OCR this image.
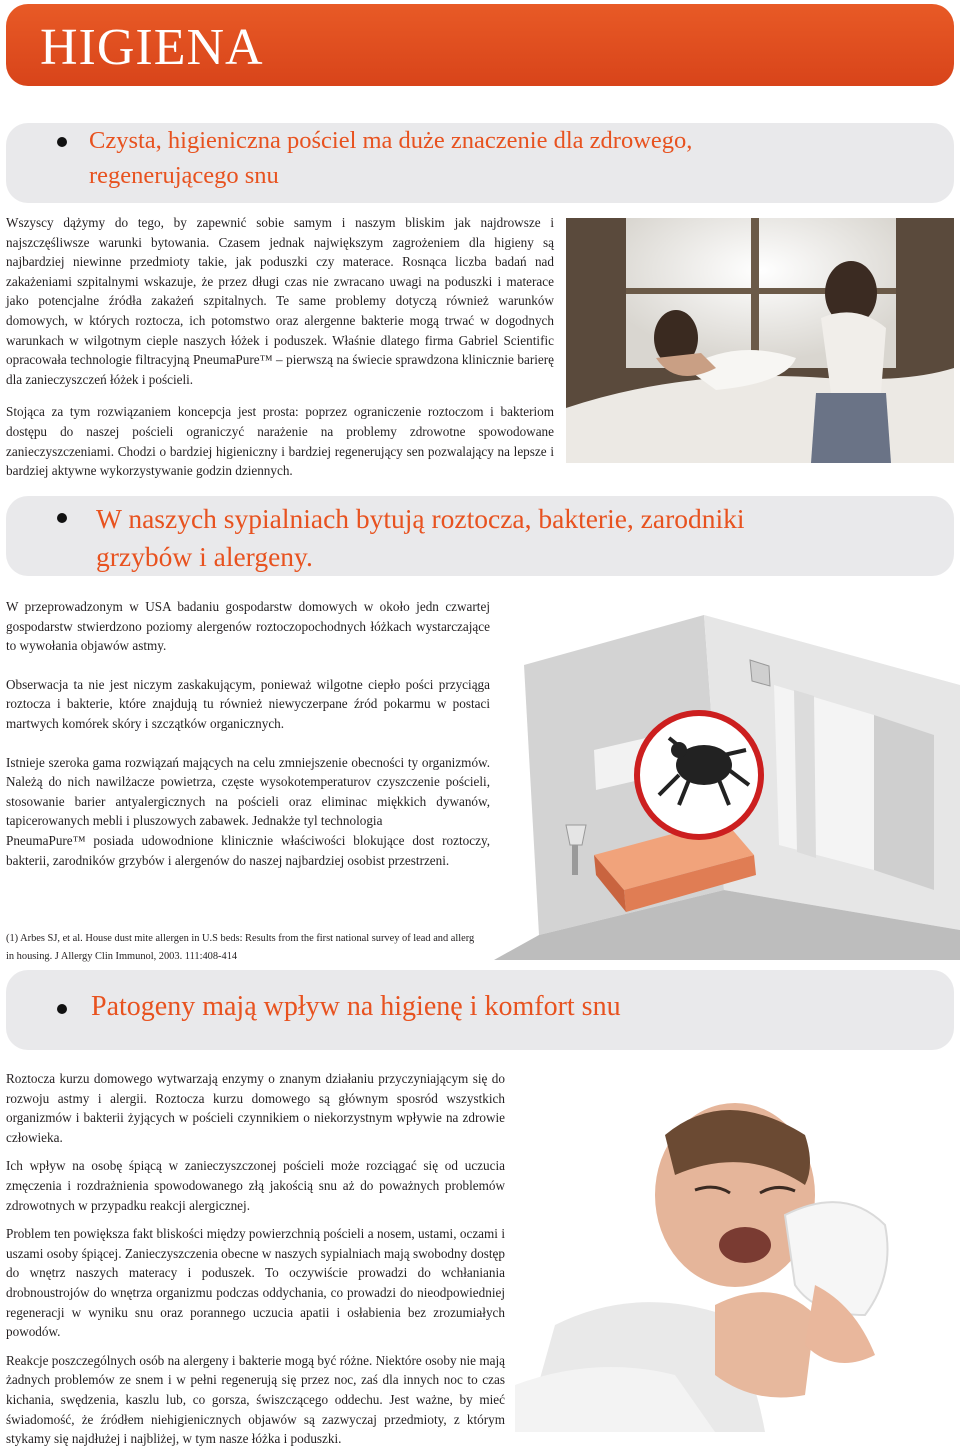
HIGIENA
Czysta, higieniczna pościel ma duże znaczenie dla zdrowego,
regenerującego snu

Wszyscy dążymy do tego, by zapewnić sobie samym i naszym bliskim jak najdrowsze i najszczęśliwsze warunki bytowania. Czasem jednak największym zagrożeniem dla higieny są najbardziej niewinne przedmioty takie, jak poduszki czy materace. Rosnąca liczba badań nad zakażeniami szpitalnymi wskazuje, że przez długi czas nie zwracano uwagi na poduszki i materace jako potencjalne źródła zakażeń szpitalnych. Te same problemy dotyczą również warunków domowych, w których roztocza, ich potomstwo oraz alergenne bakterie mogą trwać w dogodnych warunkach w wilgotnym cieple naszych łóżek i poduszek. Właśnie dlatego firma Gabriel Scientific opracowała technologie filtracyjną PneumaPure™ – pierwszą na świecie sprawdzona klinicznie barierę dla zanieczyszczeń łóżek i pościeli.

Stojąca za tym rozwiązaniem koncepcja jest prosta: poprzez ograniczenie roztoczom i bakteriom dostępu do naszej pościeli ograniczyć narażenie na problemy zdrowotne spowodowane zanieczyszczeniami. Chodzi o bardziej higieniczny i bardziej regenerujący sen pozwalający na lepsze i bardziej aktywne wykorzystywanie godzin dziennych.

W naszych sypialniach bytują roztocza, bakterie, zarodniki
grzybów i alergeny.

W przeprowadzonym w USA badaniu gospodarstw domowych w około jedn czwartej gospodarstw stwierdzono poziomy alergenów roztoczopochodnych łóżkach wystarczające to wywołania objawów astmy.

Obserwacja ta nie jest niczym zaskakującym, ponieważ wilgotne ciepło pości przyciąga roztocza i bakterie, które znajdują tu również niewyczerpane źród pokarmu w postaci martwych komórek skóry i szczątków organicznych.

Istnieje szeroka gama rozwiązań mających na celu zmniejszenie obecności ty organizmów. Należą do nich nawilżacze powietrza, częste wysokotemperaturov czyszczenie pościeli, stosowanie barier antyalergicznych na pościeli oraz eliminac miękkich dywanów, tapicerowanych mebli i pluszowych zabawek. Jednakże tyl technologia

PneumaPure™ posiada udowodnione klinicznie właściwości blokujące dost roztoczy, bakterii, zarodników grzybów i alergenów do naszej najbardziej osobist przestrzeni.

(1) Arbes SJ, et al. House dust mite allergen in U.S beds: Results from the first national survey of lead and allerg

in housing. J Allergy Clin Immunol, 2003. 111:408-414

Patogeny mają wpływ na higienę i komfort snu

Roztocza kurzu domowego wytwarzają enzymy o znanym działaniu przyczyniającym się do rozwoju astmy i alergii. Roztocza kurzu domowego są głównym sposród wszystkich organizmów i bakterii żyjących w pościeli czynnikiem o niekorzystnym wpływie na zdrowie człowieka.

Ich wpływ na osobę śpiącą w zanieczyszczonej pościeli może rozciągać się od uczucia zmęczenia i rozdrażnienia spowodowanego złą jakością snu aż do poważnych problemów zdrowotnych w przypadku reakcji alergicznej.

Problem ten powiększa fakt bliskości między powierzchnią pościeli a nosem, ustami, oczami i uszami osoby śpiącej. Zanieczyszczenia obecne w naszych sypialniach mają swobodny dostęp do wnętrz naszych materacy i poduszek. To oczywiście prowadzi do wchłaniania drobnoustrojów do wnętrza organizmu podczas oddychania, co prowadzi do nieodpowiedniej regeneracji w wyniku snu oraz porannego uczucia apatii i osłabienia bez zrozumiałych powodów.

Reakcje poszczególnych osób na alergeny i bakterie mogą być różne. Niektóre osoby nie mają żadnych problemów ze snem i w pełni regenerują się przez noc, zaś dla innych noc to czas kichania, swędzenia, kaszlu lub, co gorsza, świszczącego oddechu. Jest ważne, by mieć świadomość, że źródłem niehigienicznych objawów są zazwyczaj przedmioty, z którym stykamy się najdłużej i najbliżej, w tym nasze łóżka i poduszki.
